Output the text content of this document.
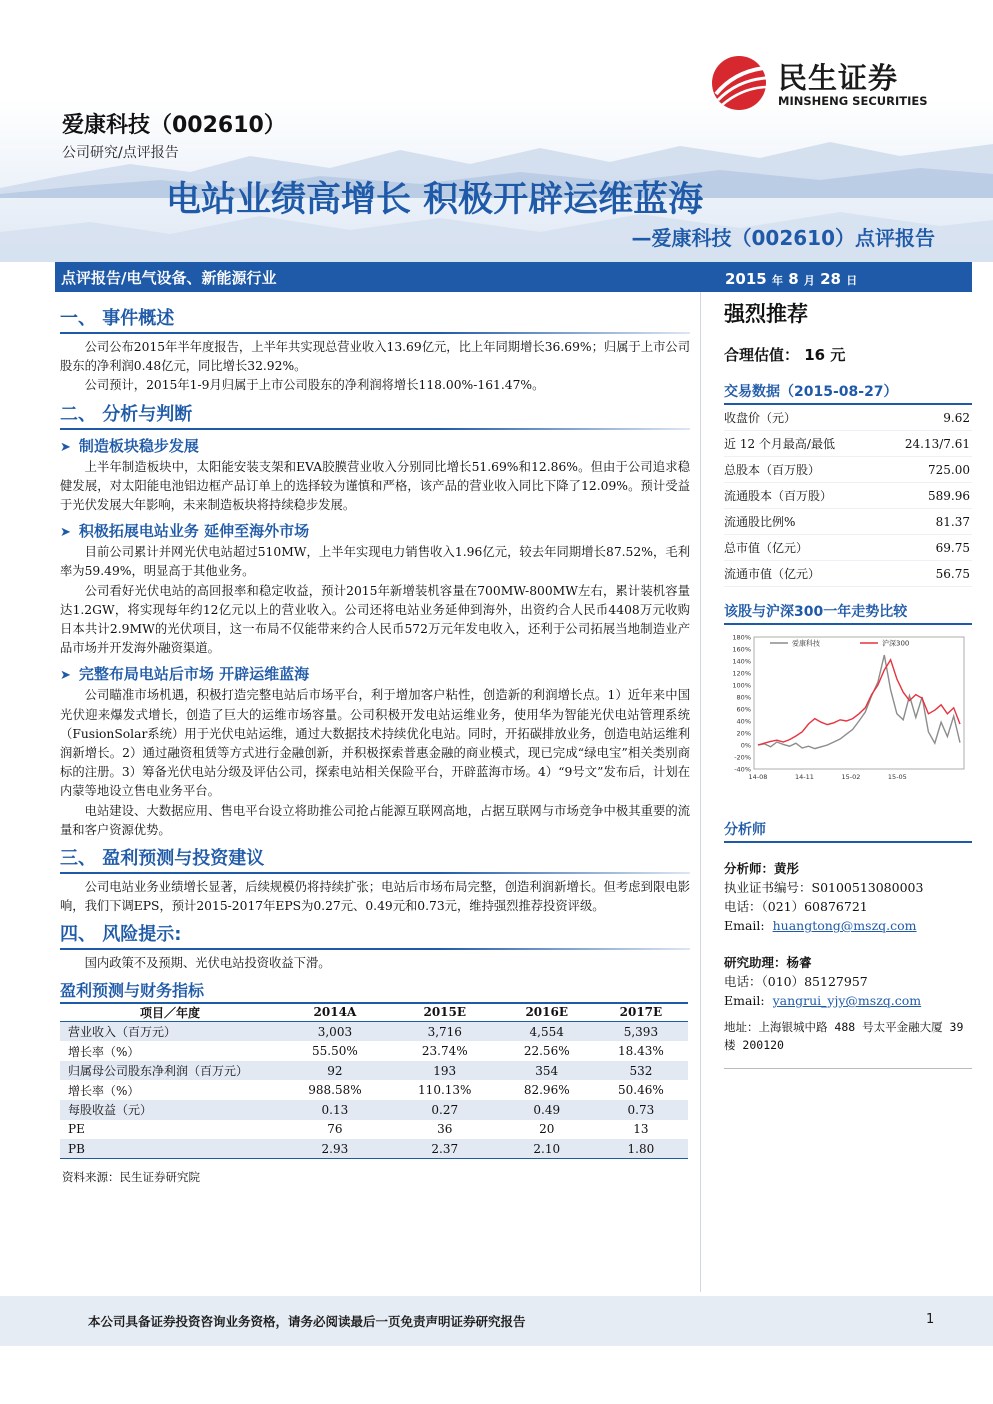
民生证券
MINSHENG SECURITIES
爱康科技（002610）
公司研究/点评报告
电站业绩高增长 积极开辟运维蓝海
—爱康科技（002610）点评报告
点评报告/电气设备、新能源行业	2015 年 8 月 28 日
一、 事件概述

公司公布2015年半年度报告，上半年共实现总营业收入13.69亿元，比上年同期增长36.69%；归属于上市公司股东的净利润0.48亿元，同比增长32.92%。

公司预计，2015年1-9月归属于上市公司股东的净利润将增长118.00%-161.47%。

二、 分析与判断
➤ 制造板块稳步发展

上半年制造板块中，太阳能安装支架和EVA胶膜营业收入分别同比增长51.69%和12.86%。但由于公司追求稳健发展，对太阳能电池铝边框产品订单上的选择较为谨慎和严格，该产品的营业收入同比下降了12.09%。预计受益于光伏发展大年影响，未来制造板块将持续稳步发展。

➤ 积极拓展电站业务 延伸至海外市场

目前公司累计并网光伏电站超过510MW，上半年实现电力销售收入1.96亿元，较去年同期增长87.52%，毛利率为59.49%，明显高于其他业务。

公司看好光伏电站的高回报率和稳定收益，预计2015年新增装机容量在700MW-800MW左右，累计装机容量达1.2GW，将实现每年约12亿元以上的营业收入。公司还将电站业务延伸到海外，出资约合人民币4408万元收购日本共计2.9MW的光伏项目，这一布局不仅能带来约合人民币572万元年发电收入，还利于公司拓展当地制造业产品市场并开发海外融资渠道。

➤ 完整布局电站后市场 开辟运维蓝海

公司瞄准市场机遇，积极打造完整电站后市场平台，利于增加客户粘性，创造新的利润增长点。1）近年来中国光伏迎来爆发式增长，创造了巨大的运维市场容量。公司积极开发电站运维业务，使用华为智能光伏电站管理系统（FusionSolar系统）用于光伏电站运维，通过大数据技术持续优化电站。同时，开拓碳排放业务，创造电站运维利润新增长。2）通过融资租赁等方式进行金融创新，并积极探索普惠金融的商业模式，现已完成“绿电宝”相关类别商标的注册。3）筹备光伏电站分级及评估公司，探索电站相关保险平台，开辟蓝海市场。4）“9号文”发布后，计划在内蒙等地设立售电业务平台。

电站建设、大数据应用、售电平台设立将助推公司抢占能源互联网高地，占据互联网与市场竞争中极其重要的流量和客户资源优势。

三、 盈利预测与投资建议

公司电站业务业绩增长显著，后续规模仍将持续扩张；电站后市场布局完整，创造利润新增长。但考虑到限电影响，我们下调EPS，预计2015-2017年EPS为0.27元、0.49元和0.73元，维持强烈推荐投资评级。

四、 风险提示:

国内政策不及预期、光伏电站投资收益下滑。

盈利预测与财务指标
项目／年度	2014A	2015E	2016E	2017E
营业收入（百万元）	3,003	3,716	4,554	5,393
增长率（%）	55.50%	23.74%	22.56%	18.43%
归属母公司股东净利润（百万元）	92	193	354	532
增长率（%）	988.58%	110.13%	82.96%	50.46%
每股收益（元）	0.13	0.27	0.49	0.73
PE	76	36	20	13
PB	2.93	2.37	2.10	1.80
资料来源：民生证券研究院
强烈推荐
合理估值： 16 元
交易数据（2015-08-27）
收盘价（元）	9.62
近 12 个月最高/最低	24.13/7.61
总股本（百万股）	725.00
流通股本（百万股）	589.96
流通股比例%	81.37
总市值（亿元）	69.75
流通市值（亿元）	56.75
该股与沪深300一年走势比较
180%
160%
140%
120%
100%
80%
60%
40%
20%
0%
-20%
-40%
14-08	14-11	15-02	15-05
爱康科技	沪深300
分析师
分析师：黄彤
执业证书编号：S0100513080003
电话：（021）60876721
Email: huangtong@mszq.com
研究助理：杨睿
电话：（010）85127957
Email: yangrui_yjy@mszq.com
地址：上海银城中路 488 号太平金融大厦 39 楼 200120
本公司具备证券投资咨询业务资格，请务必阅读最后一页免责声明证券研究报告	1
